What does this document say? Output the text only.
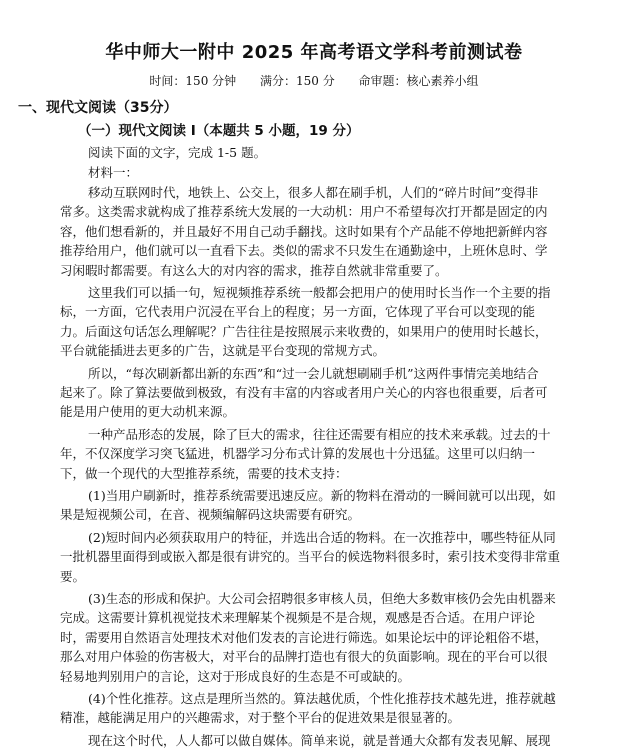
华中师大一附中 2025 年高考语文学科考前测试卷
时间：150 分钟 满分：150 分 命审题：核心素养小组
一、现代文阅读（35分）
（一）现代文阅读 I（本题共 5 小题，19 分）
阅读下面的文字，完成 1-5 题。
材料一：
移动互联网时代，地铁上、公交上，很多人都在刷手机，人们的“碎片时间”变得非
常多。这类需求就构成了推荐系统大发展的一大动机：用户不希望每次打开都是固定的内
容，他们想看新的，并且最好不用自己动手翻找。这时如果有个产品能不停地把新鲜内容
推荐给用户，他们就可以一直看下去。类似的需求不只发生在通勤途中，上班休息时、学
习闲暇时都需要。有这么大的对内容的需求，推荐自然就非常重要了。
这里我们可以插一句，短视频推荐系统一般都会把用户的使用时长当作一个主要的指
标，一方面，它代表用户沉浸在平台上的程度；另一方面，它体现了平台可以变现的能
力。后面这句话怎么理解呢？广告往往是按照展示来收费的，如果用户的使用时长越长，
平台就能插进去更多的广告，这就是平台变现的常规方式。
所以，“每次刷新都出新的东西”和“过一会儿就想刷刷手机”这两件事情完美地结合
起来了。除了算法要做到极致，有没有丰富的内容或者用户关心的内容也很重要，后者可
能是用户使用的更大动机来源。
一种产品形态的发展，除了巨大的需求，往往还需要有相应的技术来承载。过去的十
年，不仅深度学习突飞猛进，机器学习分布式计算的发展也十分迅猛。这里可以归纳一
下，做一个现代的大型推荐系统，需要的技术支持：
(1)当用户刷新时，推荐系统需要迅速反应。新的物料在滑动的一瞬间就可以出现，如
果是短视频公司，在音、视频编解码这块需要有研究。
(2)短时间内必须获取用户的特征，并选出合适的物料。在一次推荐中，哪些特征从同
一批机器里面得到或嵌入都是很有讲究的。当平台的候选物料很多时，索引技术变得非常重
要。
(3)生态的形成和保护。大公司会招聘很多审核人员，但绝大多数审核仍会先由机器来
完成。这需要计算机视觉技术来理解某个视频是不是合规，观感是否合适。在用户评论
时，需要用自然语言处理技术对他们发表的言论进行筛选。如果论坛中的评论粗俗不堪，
那么对用户体验的伤害极大，对平台的品牌打造也有很大的负面影响。现在的平台可以很
轻易地判别用户的言论，这对于形成良好的生态是不可或缺的。
(4)个性化推荐。这点是理所当然的。算法越优质，个性化推荐技术越先进，推荐就越
精准，越能满足用户的兴趣需求，对于整个平台的促进效果是很显著的。
现在这个时代，人人都可以做自媒体。简单来说，就是普通大众都有发表见解、展现
